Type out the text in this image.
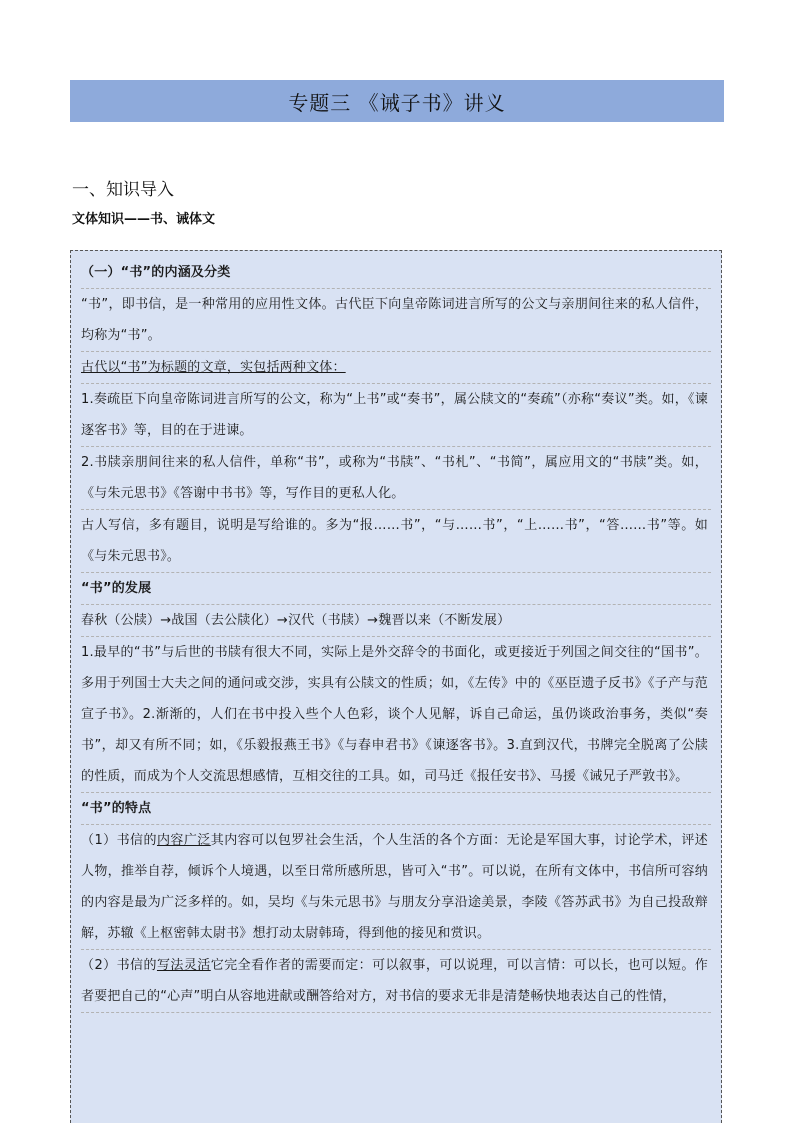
专题三 《诫子书》讲义
一、知识导入
文体知识——书、诫体文
（一）“书”的内涵及分类
“书”，即书信，是一种常用的应用性文体。古代臣下向皇帝陈词进言所写的公文与亲朋间往来的私人信件，均称为“书”。
古代以“书”为标题的文章，实包括两种文体：
1.奏疏臣下向皇帝陈词进言所写的公文，称为“上书”或“奏书”，属公牍文的“奏疏”（亦称“奏议”类。如，《谏逐客书》等，目的在于进谏。
2.书牍亲朋间往来的私人信件，单称“书”，或称为“书牍”、“书札”、“书简”，属应用文的“书牍”类。如，《与朱元思书》《答谢中书书》等，写作目的更私人化。
古人写信，多有题目，说明是写给谁的。多为“报……书”，“与……书”，“上……书”，“答……书”等。如《与朱元思书》。
“书”的发展
春秋（公牍）→战国（去公牍化）→汉代（书牍）→魏晋以来（不断发展）
1.最早的“书”与后世的书牍有很大不同，实际上是外交辞令的书面化，或更接近于列国之间交往的“国书”。多用于列国士大夫之间的通问或交涉，实具有公牍文的性质；如，《左传》中的《巫臣遗子反书》《子产与范宣子书》。2.渐渐的，人们在书中投入些个人色彩，谈个人见解，诉自己命运，虽仍谈政治事务，类似“奏书”，却又有所不同；如，《乐毅报燕王书》《与春申君书》《谏逐客书》。3.直到汉代，书牌完全脱离了公牍的性质，而成为个人交流思想感情，互相交往的工具。如，司马迁《报任安书》、马援《诫兄子严敦书》。
“书”的特点
（1）书信的内容广泛其内容可以包罗社会生活，个人生活的各个方面：无论是军国大事，讨论学术，评述人物，推举自荐，倾诉个人境遇，以至日常所感所思，皆可入“书”。可以说，在所有文体中，书信所可容纳的内容是最为广泛多样的。如，吴均《与朱元思书》与朋友分享沿途美景，李陵《答苏武书》为自己投敌辩解，苏辙《上枢密韩太尉书》想打动太尉韩琦，得到他的接见和赏识。
（2）书信的写法灵活它完全看作者的需要而定：可以叙事，可以说理，可以言情：可以长，也可以短。作者要把自己的“心声”明白从容地进献或酬答给对方，对书信的要求无非是清楚畅快地表达自己的性情，
